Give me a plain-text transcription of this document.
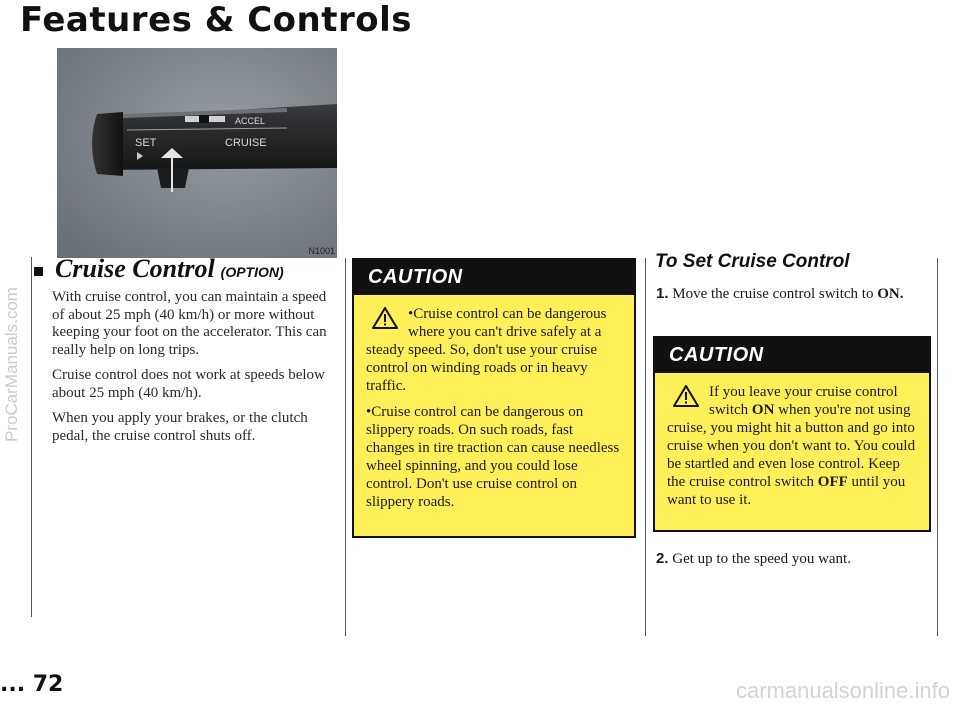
Features & Controls
ProCarManuals.com
SET
ACCEL
CRUISE
N1001
Cruise Control (OPTION)

With cruise control, you can maintain a speed of about 25 mph (40 km/h) or more without keeping your foot on the accelerator. This can really help on long trips.

Cruise control does not work at speeds below about 25 mph (40 km/h).

When you apply your brakes, or the clutch pedal, the cruise control shuts off.

CAUTION

•Cruise control can be dangerous where you can't drive safely at a steady speed. So, don't use your cruise control on winding roads or in heavy traffic.

•Cruise control can be dangerous on slippery roads. On such roads, fast changes in tire traction can cause needless wheel spinning, and you could lose control. Don't use cruise control on slippery roads.

To Set Cruise Control
1. Move the cruise control switch to ON.
CAUTION

If you leave your cruise control switch ON when you're not using cruise, you might hit a button and go into cruise when you don't want to. You could be startled and even lose control. Keep the cruise control switch OFF until you want to use it.

2. Get up to the speed you want.
... 72	carmanualsonline.info
